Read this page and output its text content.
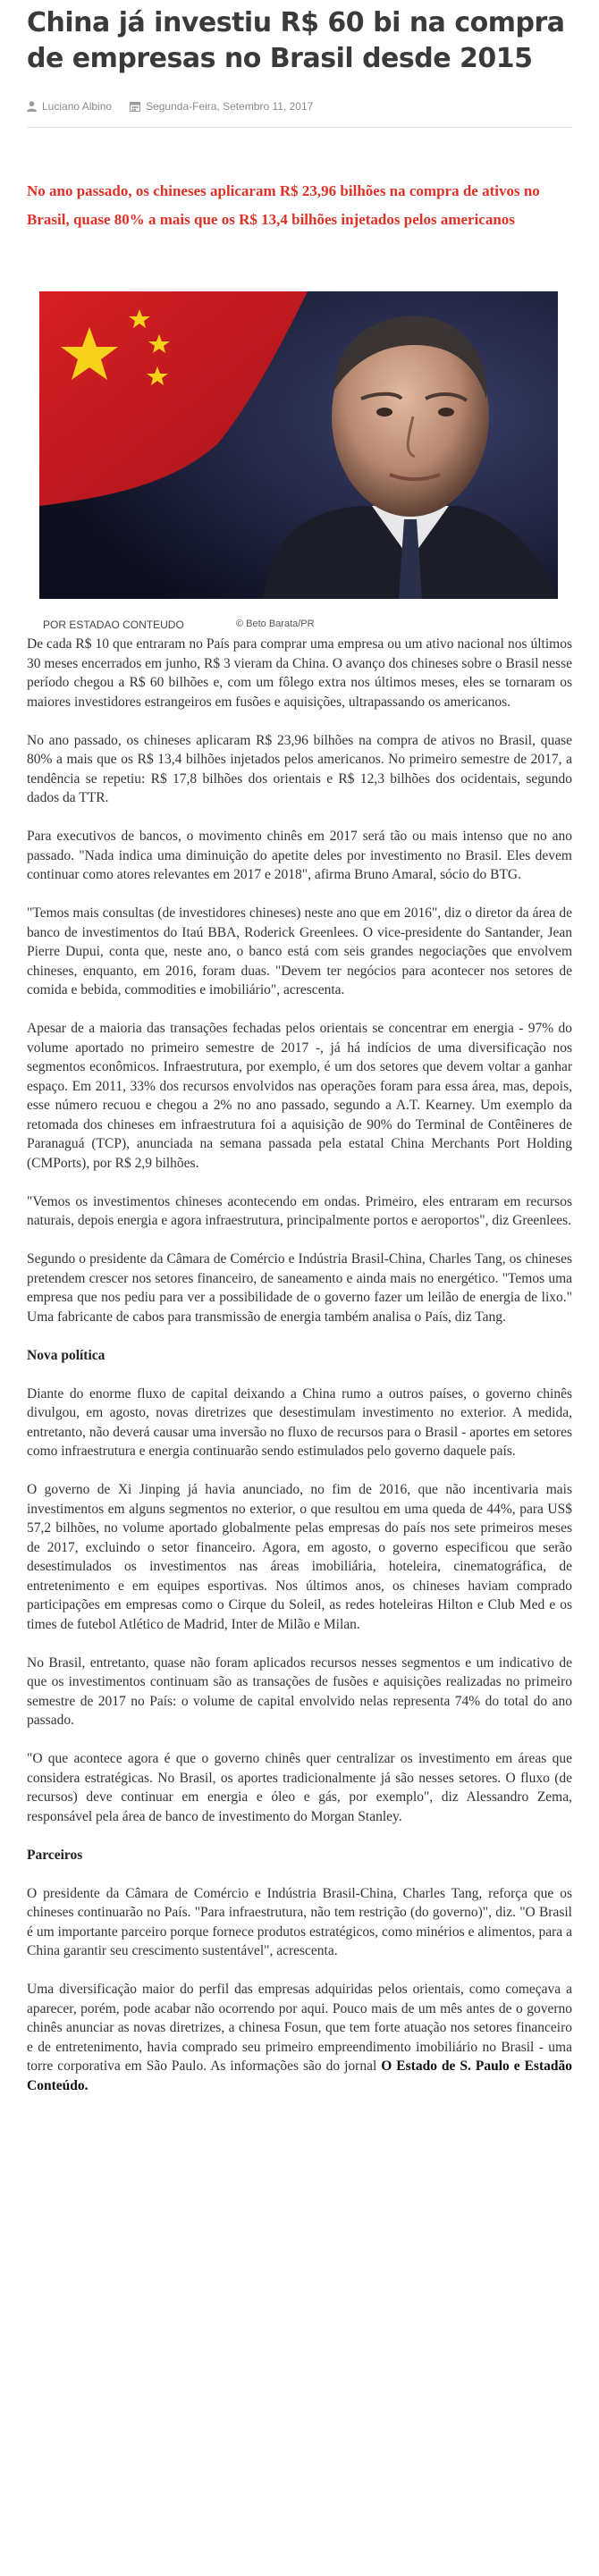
China já investiu R$ 60 bi na compra de empresas no Brasil desde 2015
Luciano Albino	Segunda-Feira, Setembro 11, 2017

No ano passado, os chineses aplicaram R$ 23,96 bilhões na compra de ativos no Brasil, quase 80% a mais que os R$ 13,4 bilhões injetados pelos americanos

POR ESTADAO CONTEUDO	© Beto Barata/PR

De cada R$ 10 que entraram no País para comprar uma empresa ou um ativo nacional nos últimos 30 meses encerrados em junho, R$ 3 vieram da China. O avanço dos chineses sobre o Brasil nesse período chegou a R$ 60 bilhões e, com um fôlego extra nos últimos meses, eles se tornaram os maiores investidores estrangeiros em fusões e aquisições, ultrapassando os americanos.

No ano passado, os chineses aplicaram R$ 23,96 bilhões na compra de ativos no Brasil, quase 80% a mais que os R$ 13,4 bilhões injetados pelos americanos. No primeiro semestre de 2017, a tendência se repetiu: R$ 17,8 bilhões dos orientais e R$ 12,3 bilhões dos ocidentais, segundo dados da TTR.

Para executivos de bancos, o movimento chinês em 2017 será tão ou mais intenso que no ano passado. "Nada indica uma diminuição do apetite deles por investimento no Brasil. Eles devem continuar como atores relevantes em 2017 e 2018", afirma Bruno Amaral, sócio do BTG.

"Temos mais consultas (de investidores chineses) neste ano que em 2016", diz o diretor da área de banco de investimentos do Itaú BBA, Roderick Greenlees. O vice-presidente do Santander, Jean Pierre Dupui, conta que, neste ano, o banco está com seis grandes negociações que envolvem chineses, enquanto, em 2016, foram duas. "Devem ter negócios para acontecer nos setores de comida e bebida, commodities e imobiliário", acrescenta.

Apesar de a maioria das transações fechadas pelos orientais se concentrar em energia - 97% do volume aportado no primeiro semestre de 2017 -, já há indícios de uma diversificação nos segmentos econômicos. Infraestrutura, por exemplo, é um dos setores que devem voltar a ganhar espaço. Em 2011, 33% dos recursos envolvidos nas operações foram para essa área, mas, depois, esse número recuou e chegou a 2% no ano passado, segundo a A.T. Kearney. Um exemplo da retomada dos chineses em infraestrutura foi a aquisição de 90% do Terminal de Contêineres de Paranaguá (TCP), anunciada na semana passada pela estatal China Merchants Port Holding (CMPorts), por R$ 2,9 bilhões.

"Vemos os investimentos chineses acontecendo em ondas. Primeiro, eles entraram em recursos naturais, depois energia e agora infraestrutura, principalmente portos e aeroportos", diz Greenlees.

Segundo o presidente da Câmara de Comércio e Indústria Brasil-China, Charles Tang, os chineses pretendem crescer nos setores financeiro, de saneamento e ainda mais no energético. "Temos uma empresa que nos pediu para ver a possibilidade de o governo fazer um leilão de energia de lixo." Uma fabricante de cabos para transmissão de energia também analisa o País, diz Tang.

Nova política

Diante do enorme fluxo de capital deixando a China rumo a outros países, o governo chinês divulgou, em agosto, novas diretrizes que desestimulam investimento no exterior. A medida, entretanto, não deverá causar uma inversão no fluxo de recursos para o Brasil - aportes em setores como infraestrutura e energia continuarão sendo estimulados pelo governo daquele país.

O governo de Xi Jinping já havia anunciado, no fim de 2016, que não incentivaria mais investimentos em alguns segmentos no exterior, o que resultou em uma queda de 44%, para US$ 57,2 bilhões, no volume aportado globalmente pelas empresas do país nos sete primeiros meses de 2017, excluindo o setor financeiro. Agora, em agosto, o governo especificou que serão desestimulados os investimentos nas áreas imobiliária, hoteleira, cinematográfica, de entretenimento e em equipes esportivas. Nos últimos anos, os chineses haviam comprado participações em empresas como o Cirque du Soleil, as redes hoteleiras Hilton e Club Med e os times de futebol Atlético de Madrid, Inter de Milão e Milan.

No Brasil, entretanto, quase não foram aplicados recursos nesses segmentos e um indicativo de que os investimentos continuam são as transações de fusões e aquisições realizadas no primeiro semestre de 2017 no País: o volume de capital envolvido nelas representa 74% do total do ano passado.

"O que acontece agora é que o governo chinês quer centralizar os investimento em áreas que considera estratégicas. No Brasil, os aportes tradicionalmente já são nesses setores. O fluxo (de recursos) deve continuar em energia e óleo e gás, por exemplo", diz Alessandro Zema, responsável pela área de banco de investimento do Morgan Stanley.

Parceiros

O presidente da Câmara de Comércio e Indústria Brasil-China, Charles Tang, reforça que os chineses continuarão no País. "Para infraestrutura, não tem restrição (do governo)", diz. "O Brasil é um importante parceiro porque fornece produtos estratégicos, como minérios e alimentos, para a China garantir seu crescimento sustentável", acrescenta.

Uma diversificação maior do perfil das empresas adquiridas pelos orientais, como começava a aparecer, porém, pode acabar não ocorrendo por aqui. Pouco mais de um mês antes de o governo chinês anunciar as novas diretrizes, a chinesa Fosun, que tem forte atuação nos setores financeiro e de entretenimento, havia comprado seu primeiro empreendimento imobiliário no Brasil - uma torre corporativa em São Paulo. As informações são do jornal O Estado de S. Paulo e Estadão Conteúdo.
